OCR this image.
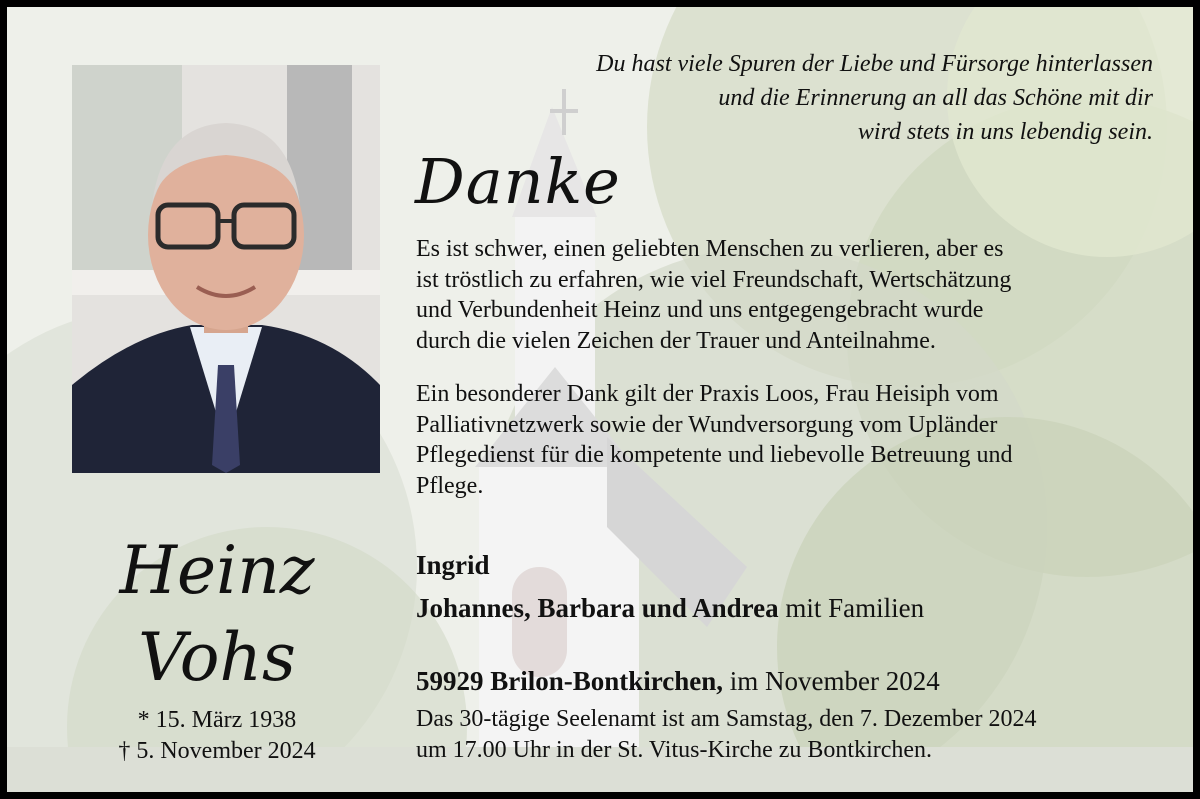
Du hast viele Spuren der Liebe und Fürsorge hinterlassen
und die Erinnerung an all das Schöne mit dir
wird stets in uns lebendig sein.
Danke
Es ist schwer, einen geliebten Menschen zu verlieren, aber es
ist tröstlich zu erfahren, wie viel Freundschaft, Wertschätzung
und Verbundenheit Heinz und uns entgegengebracht wurde
durch die vielen Zeichen der Trauer und Anteilnahme.
Ein besonderer Dank gilt der Praxis Loos, Frau Heisiph vom
Palliativnetzwerk sowie der Wundversorgung vom Upländer
Pflegedienst für die kompetente und liebevolle Betreuung und
Pflege.
Ingrid
Johannes, Barbara und Andrea mit Familien
59929 Brilon-Bontkirchen, im November 2024
Das 30-tägige Seelenamt ist am Samstag, den 7. Dezember 2024
um 17.00 Uhr in der St. Vitus-Kirche zu Bontkirchen.
Heinz
Vohs
* 15. März 1938
† 5. November 2024
